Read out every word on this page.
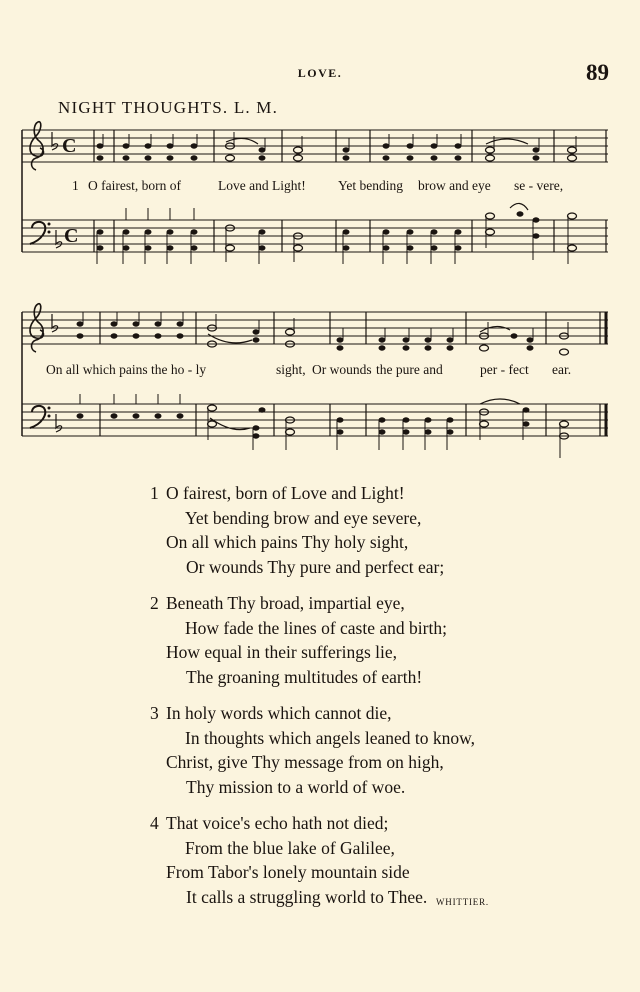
LOVE.	89
NIGHT THOUGHTS. L. M.
C
C
1 O fairest, born of	Love and Light! Yet bending brow and eye se - vere,
On all which pains the ho - ly	sight, Or wounds the pure and	per - fect ear.
1 O fairest, born of Love and Light!
Yet bending brow and eye severe,
On all which pains Thy holy sight,
Or wounds Thy pure and perfect ear;
2 Beneath Thy broad, impartial eye,
How fade the lines of caste and birth;
How equal in their sufferings lie,
The groaning multitudes of earth!
3 In holy words which cannot die,
In thoughts which angels leaned to know,
Christ, give Thy message from on high,
Thy mission to a world of woe.
4 That voice's echo hath not died;
From the blue lake of Galilee,
From Tabor's lonely mountain side
It calls a struggling world to Thee. WHITTIER.
